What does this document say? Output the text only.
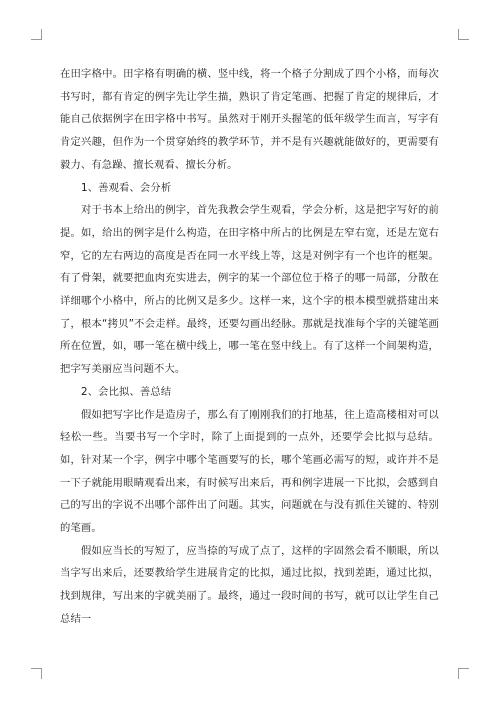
在田字格中。田字格有明确的横、竖中线，将一个格子分割成了四个小格，而每次书写时，都有肯定的例字先让学生描，熟识了肯定笔画、把握了肯定的规律后，才能自己依据例字在田字格中书写。虽然对于刚开头握笔的低年级学生而言，写字有肯定兴趣，但作为一个贯穿始终的教学环节，并不是有兴趣就能做好的，更需要有毅力、有急躁、擅长观看、擅长分析。

1、善观看、会分析

对于书本上给出的例字，首先我教会学生观看，学会分析，这是把字写好的前提。如，给出的例字是什么构造，在田字格中所占的比例是左窄右宽，还是左宽右窄，它的左右两边的高度是否在同一水平线上等，这是对例字有一个也许的框架。有了骨架，就要把血肉充实进去，例字的某一个部位位于格子的哪一局部，分散在详细哪个小格中，所占的比例又是多少。这样一来，这个字的根本模型就搭建出来了，根本“拷贝”不会走样。最终，还要勾画出经脉。那就是找准每个字的关键笔画所在位置，如，哪一笔在横中线上，哪一笔在竖中线上。有了这样一个间架构造，把字写美丽应当问题不大。

2、会比拟、善总结

假如把写字比作是造房子，那么有了刚刚我们的打地基，往上造高楼相对可以轻松一些。当要书写一个字时，除了上面提到的一点外，还要学会比拟与总结。如，针对某一个字，例字中哪个笔画要写的长，哪个笔画必需写的短，或许并不是一下子就能用眼睛观看出来，有时候写出来后，再和例字进展一下比拟，会感到自己的写出的字说不出哪个部件出了问题。其实，问题就在与没有抓住关键的、特别的笔画。

假如应当长的写短了，应当捺的写成了点了，这样的字固然会看不顺眼，所以当字写出来后，还要教给学生进展肯定的比拟，通过比拟，找到差距，通过比拟，找到规律，写出来的字就美丽了。最终，通过一段时间的书写，就可以让学生自己总结一
